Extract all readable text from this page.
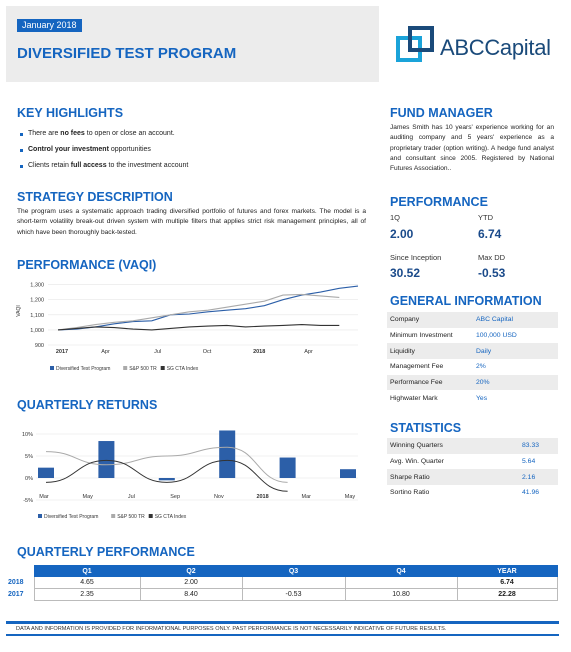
January 2018
DIVERSIFIED TEST PROGRAM	ABCCapital
KEY HIGHLIGHTS
There are no fees to open or close an account.
Control your investment opportunities
Clients retain full access to the investment account
STRATEGY DESCRIPTION
The program uses a systematic approach trading diversified portfolio of futures and forex markets. The model is a short-term volatility break-out driven system with multiple filters that applies strict risk management principles, all of which have been thoroughly back-tested.
PERFORMANCE (VAQI)
900
1,000
1,100
1,200
1,300
VAQI
2017	Apr	Jul	Oct	2018	Apr
Diversified Test Program	S&P 500 TR SG CTA Index
QUARTERLY RETURNS
-5%
0%
5%
10%
Mar	May	Jul	Sep	Nov	2018	Mar	May
Diversified Test Program	S&P 500 TR SG CTA Index
FUND MANAGER
James Smith has 10 years' experience working for an auditing company and 5 years' experience as a proprietary trader (option writing). A hedge fund analyst and consultant since 2005. Registered by National Futures Association..
PERFORMANCE
1Q
2.00
YTD
6.74
Since Inception
30.52
Max DD
-0.53
GENERAL INFORMATION
Company	ABC Capital
Minimum Investment	100,000 USD
Liquidity	Daily
Management Fee	2%
Performance Fee	20%
Highwater Mark	Yes
STATISTICS
Winning Quarters	83.33
Avg. Win. Quarter	5.64
Sharpe Ratio	2.16
Sortino Ratio	41.96
QUARTERLY PERFORMANCE
	Q1	Q2	Q3	Q4	YEAR
2018	4.65	2.00			6.74
2017	2.35	8.40	-0.53	10.80	22.28
DATA AND INFORMATION IS PROVIDED FOR INFORMATIONAL PURPOSES ONLY. PAST PERFORMANCE IS NOT NECESSARILY INDICATIVE OF FUTURE RESULTS.
